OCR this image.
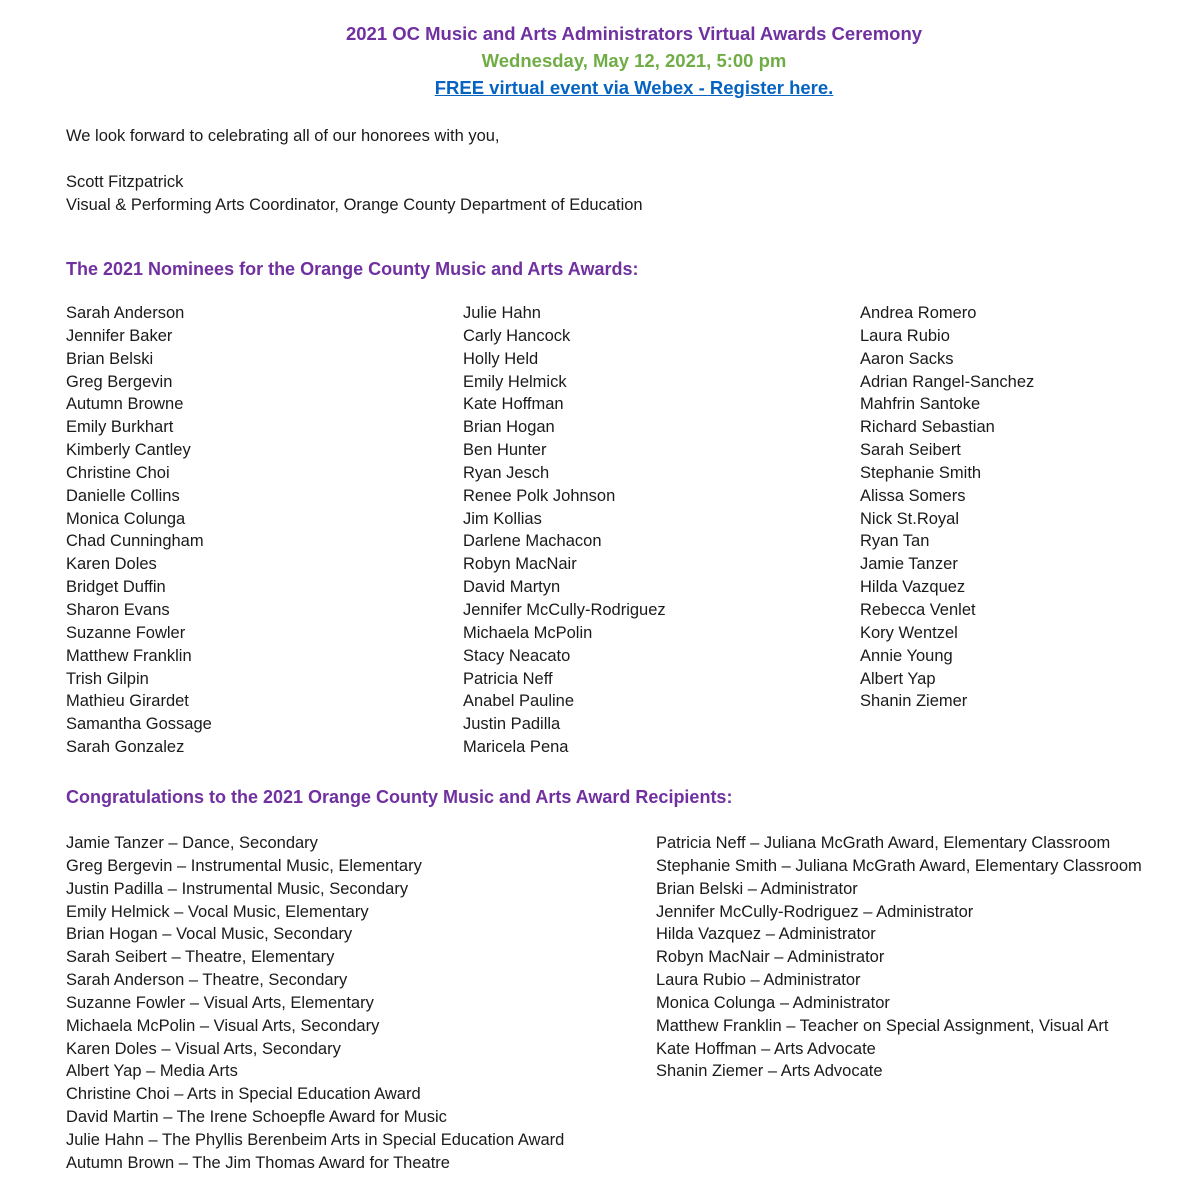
2021 OC Music and Arts Administrators Virtual Awards Ceremony
Wednesday, May 12, 2021, 5:00 pm
FREE virtual event via Webex - Register here.
We look forward to celebrating all of our honorees with you,
Scott Fitzpatrick
Visual & Performing Arts Coordinator, Orange County Department of Education
The 2021 Nominees for the Orange County Music and Arts Awards:
Sarah Anderson
Jennifer Baker
Brian Belski
Greg Bergevin
Autumn Browne
Emily Burkhart
Kimberly Cantley
Christine Choi
Danielle Collins
Monica Colunga
Chad Cunningham
Karen Doles
Bridget Duffin
Sharon Evans
Suzanne Fowler
Matthew Franklin
Trish Gilpin
Mathieu Girardet
Samantha Gossage
Sarah Gonzalez
Julie Hahn
Carly Hancock
Holly Held
Emily Helmick
Kate Hoffman
Brian Hogan
Ben Hunter
Ryan Jesch
Renee Polk Johnson
Jim Kollias
Darlene Machacon
Robyn MacNair
David Martyn
Jennifer McCully-Rodriguez
Michaela McPolin
Stacy Neacato
Patricia Neff
Anabel Pauline
Justin Padilla
Maricela Pena
Andrea Romero
Laura Rubio
Aaron Sacks
Adrian Rangel-Sanchez
Mahfrin Santoke
Richard Sebastian
Sarah Seibert
Stephanie Smith
Alissa Somers
Nick St.Royal
Ryan Tan
Jamie Tanzer
Hilda Vazquez
Rebecca Venlet
Kory Wentzel
Annie Young
Albert Yap
Shanin Ziemer
Congratulations to the 2021 Orange County Music and Arts Award Recipients:
Jamie Tanzer – Dance, Secondary
Greg Bergevin – Instrumental Music, Elementary
Justin Padilla – Instrumental Music, Secondary
Emily Helmick – Vocal Music, Elementary
Brian Hogan – Vocal Music, Secondary
Sarah Seibert – Theatre, Elementary
Sarah Anderson – Theatre, Secondary
Suzanne Fowler – Visual Arts, Elementary
Michaela McPolin – Visual Arts, Secondary
Karen Doles – Visual Arts, Secondary
Albert Yap – Media Arts
Christine Choi – Arts in Special Education Award
David Martin – The Irene Schoepfle Award for Music
Julie Hahn – The Phyllis Berenbeim Arts in Special Education Award
Autumn Brown – The Jim Thomas Award for Theatre
Patricia Neff – Juliana McGrath Award, Elementary Classroom
Stephanie Smith – Juliana McGrath Award, Elementary Classroom
Brian Belski – Administrator
Jennifer McCully-Rodriguez – Administrator
Hilda Vazquez – Administrator
Robyn MacNair – Administrator
Laura Rubio – Administrator
Monica Colunga – Administrator
Matthew Franklin – Teacher on Special Assignment, Visual Art
Kate Hoffman – Arts Advocate
Shanin Ziemer – Arts Advocate
